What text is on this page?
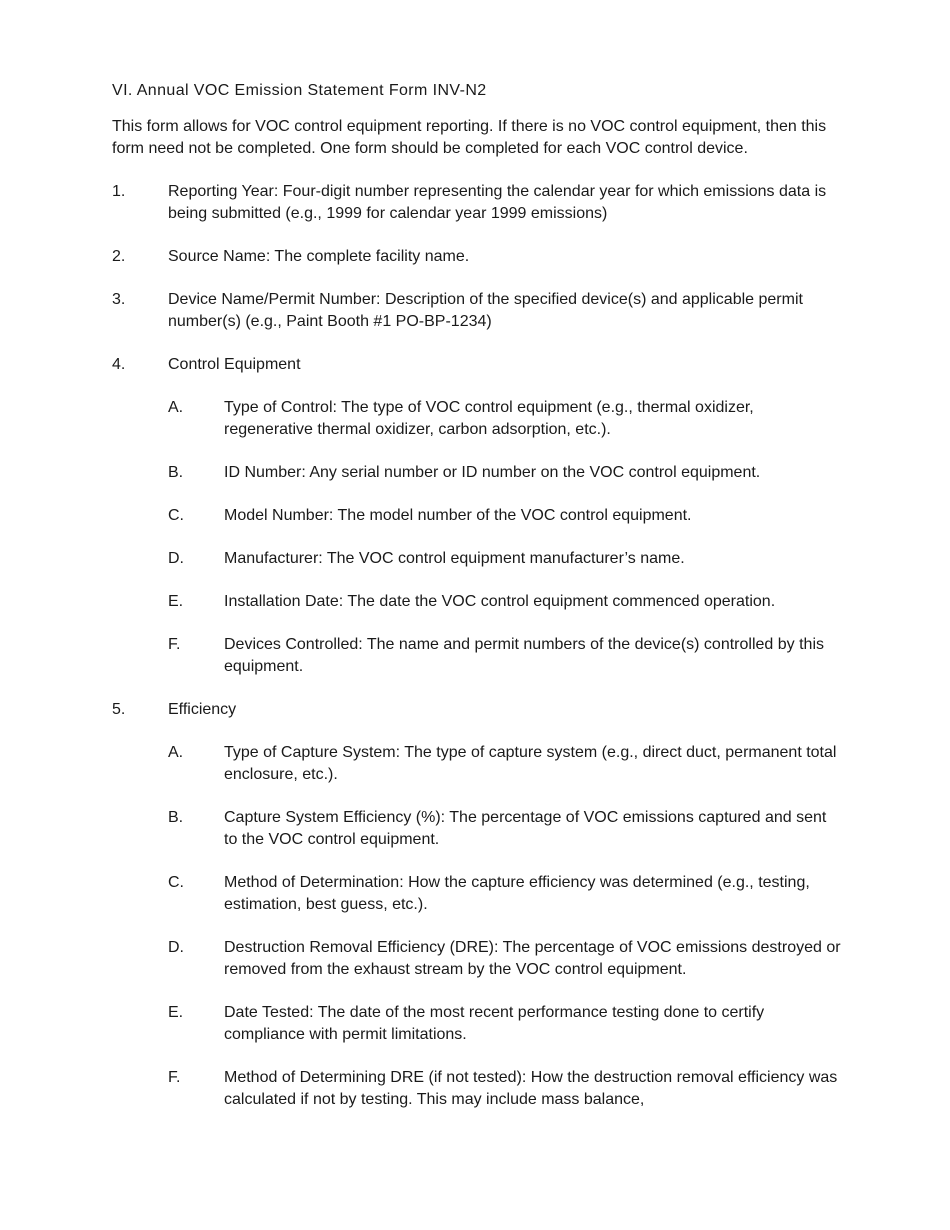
VI. Annual VOC Emission Statement Form INV-N2
This form allows for VOC control equipment reporting. If there is no VOC control equipment, then this form need not be completed. One form should be completed for each VOC control device.
1.	Reporting Year: Four-digit number representing the calendar year for which emissions data is being submitted (e.g., 1999 for calendar year 1999 emissions)
2.	Source Name: The complete facility name.
3.	Device Name/Permit Number: Description of the specified device(s) and applicable permit number(s) (e.g., Paint Booth #1 PO-BP-1234)
4.	Control Equipment
A.	Type of Control: The type of VOC control equipment (e.g., thermal oxidizer, regenerative thermal oxidizer, carbon adsorption, etc.).
B.	ID Number: Any serial number or ID number on the VOC control equipment.
C.	Model Number: The model number of the VOC control equipment.
D.	Manufacturer: The VOC control equipment manufacturer’s name.
E.	Installation Date: The date the VOC control equipment commenced operation.
F.	Devices Controlled: The name and permit numbers of the device(s) controlled by this equipment.
5.	Efficiency
A.	Type of Capture System: The type of capture system (e.g., direct duct, permanent total enclosure, etc.).
B.	Capture System Efficiency (%): The percentage of VOC emissions captured and sent to the VOC control equipment.
C.	Method of Determination: How the capture efficiency was determined (e.g., testing, estimation, best guess, etc.).
D.	Destruction Removal Efficiency (DRE): The percentage of VOC emissions destroyed or removed from the exhaust stream by the VOC control equipment.
E.	Date Tested: The date of the most recent performance testing done to certify compliance with permit limitations.
F.	Method of Determining DRE (if not tested): How the destruction removal efficiency was calculated if not by testing. This may include mass balance,
